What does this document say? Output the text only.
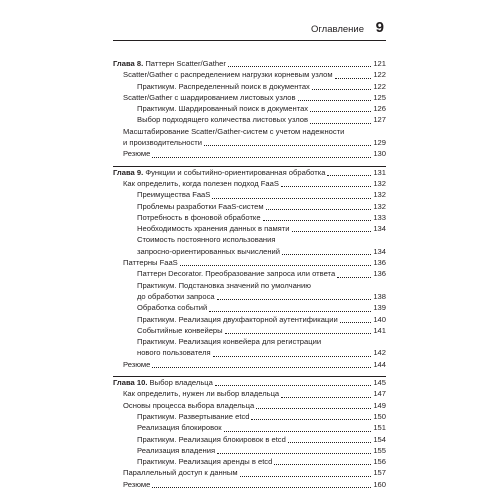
Оглавление 9
Глава 8. Паттерн Scatter/Gather	121
Scatter/Gather с распределением нагрузки корневым узлом	122
Практикум. Распределенный поиск в документах	122
Scatter/Gather с шардированием листовых узлов	125
Практикум. Шардированный поиск в документах	126
Выбор подходящего количества листовых узлов	127
Масштабирование Scatter/Gather-систем с учетом надежности
и производительности	129
Резюме	130
Глава 9. Функции и событийно-ориентированная обработка	131
Как определить, когда полезен подход FaaS	132
Преимущества FaaS	132
Проблемы разработки FaaS-систем	132
Потребность в фоновой обработке	133
Необходимость хранения данных в памяти	134
Стоимость постоянного использования
запросно-ориентированных вычислений	134
Паттерны FaaS	136
Паттерн Decorator. Преобразование запроса или ответа	136
Практикум. Подстановка значений по умолчанию
до обработки запроса	138
Обработка событий	139
Практикум. Реализация двухфакторной аутентификации	140
Событийные конвейеры	141
Практикум. Реализация конвейера для регистрации
нового пользователя	142
Резюме	144
Глава 10. Выбор владельца	145
Как определить, нужен ли выбор владельца	147
Основы процесса выбора владельца	149
Практикум. Развертывание etcd	150
Реализация блокировок	151
Практикум. Реализация блокировок в etcd	154
Реализация владения	155
Практикум. Реализация аренды в etcd	156
Параллельный доступ к данным	157
Резюме	160
